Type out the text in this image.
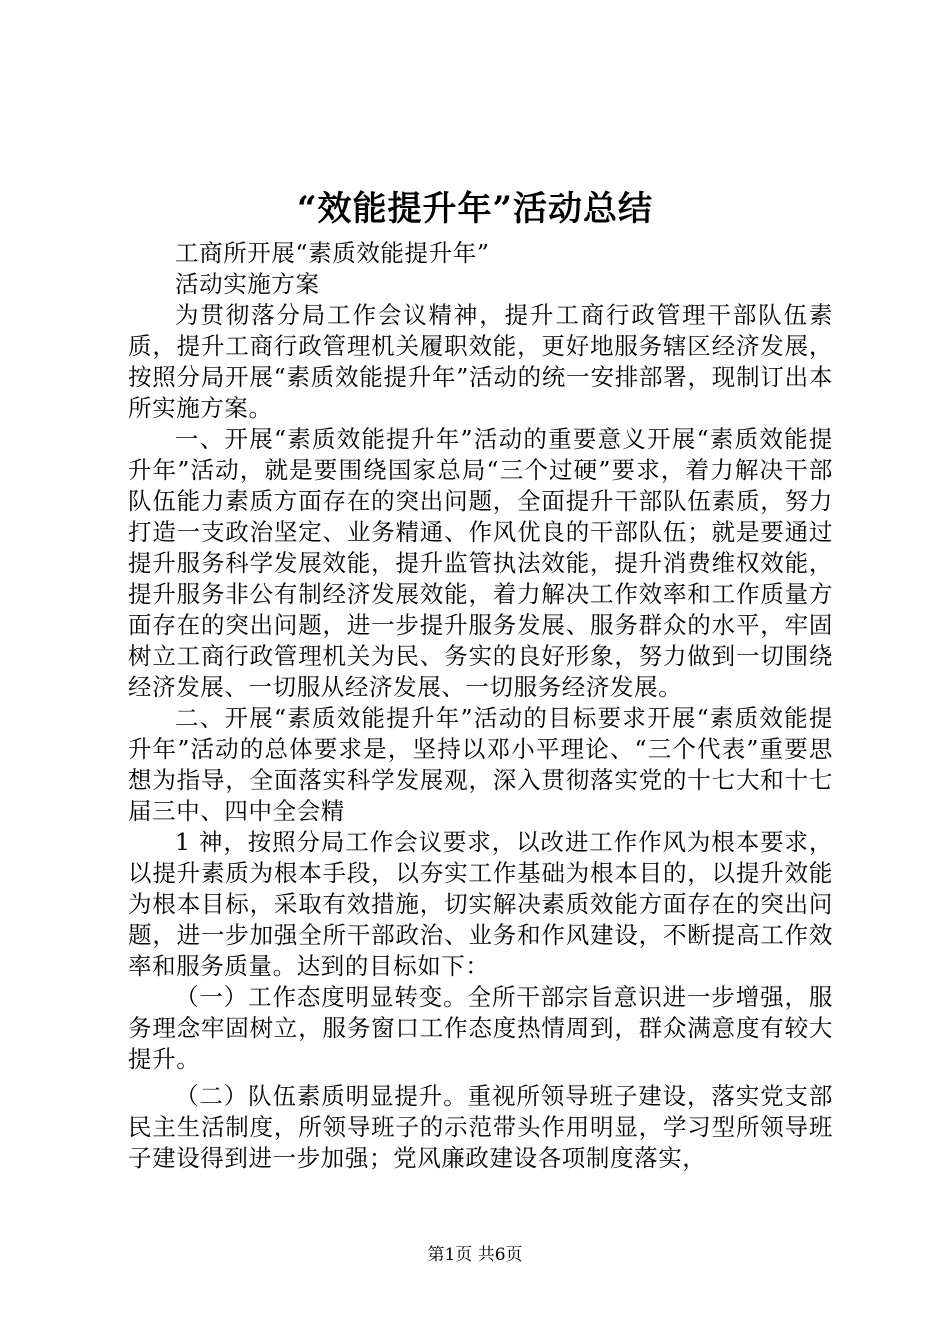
“效能提升年”活动总结

工商所开展“素质效能提升年”

活动实施方案

为贯彻落分局工作会议精神，提升工商行政管理干部队伍素质，提升工商行政管理机关履职效能，更好地服务辖区经济发展，按照分局开展“素质效能提升年”活动的统一安排部署，现制订出本所实施方案。

一、开展“素质效能提升年”活动的重要意义开展“素质效能提升年”活动，就是要围绕国家总局“三个过硬”要求，着力解决干部队伍能力素质方面存在的突出问题，全面提升干部队伍素质，努力打造一支政治坚定、业务精通、作风优良的干部队伍；就是要通过提升服务科学发展效能，提升监管执法效能，提升消费维权效能，提升服务非公有制经济发展效能，着力解决工作效率和工作质量方面存在的突出问题，进一步提升服务发展、服务群众的水平，牢固树立工商行政管理机关为民、务实的良好形象，努力做到一切围绕经济发展、一切服从经济发展、一切服务经济发展。

二、开展“素质效能提升年”活动的目标要求开展“素质效能提升年”活动的总体要求是，坚持以邓小平理论、“三个代表”重要思想为指导，全面落实科学发展观，深入贯彻落实党的十七大和十七届三中、四中全会精

1 神，按照分局工作会议要求，以改进工作作风为根本要求，以提升素质为根本手段，以夯实工作基础为根本目的，以提升效能为根本目标，采取有效措施，切实解决素质效能方面存在的突出问题，进一步加强全所干部政治、业务和作风建设，不断提高工作效率和服务质量。达到的目标如下：

（一）工作态度明显转变。全所干部宗旨意识进一步增强，服务理念牢固树立，服务窗口工作态度热情周到，群众满意度有较大提升。

（二）队伍素质明显提升。重视所领导班子建设，落实党支部民主生活制度，所领导班子的示范带头作用明显，学习型所领导班子建设得到进一步加强；党风廉政建设各项制度落实，

第1页 共6页
